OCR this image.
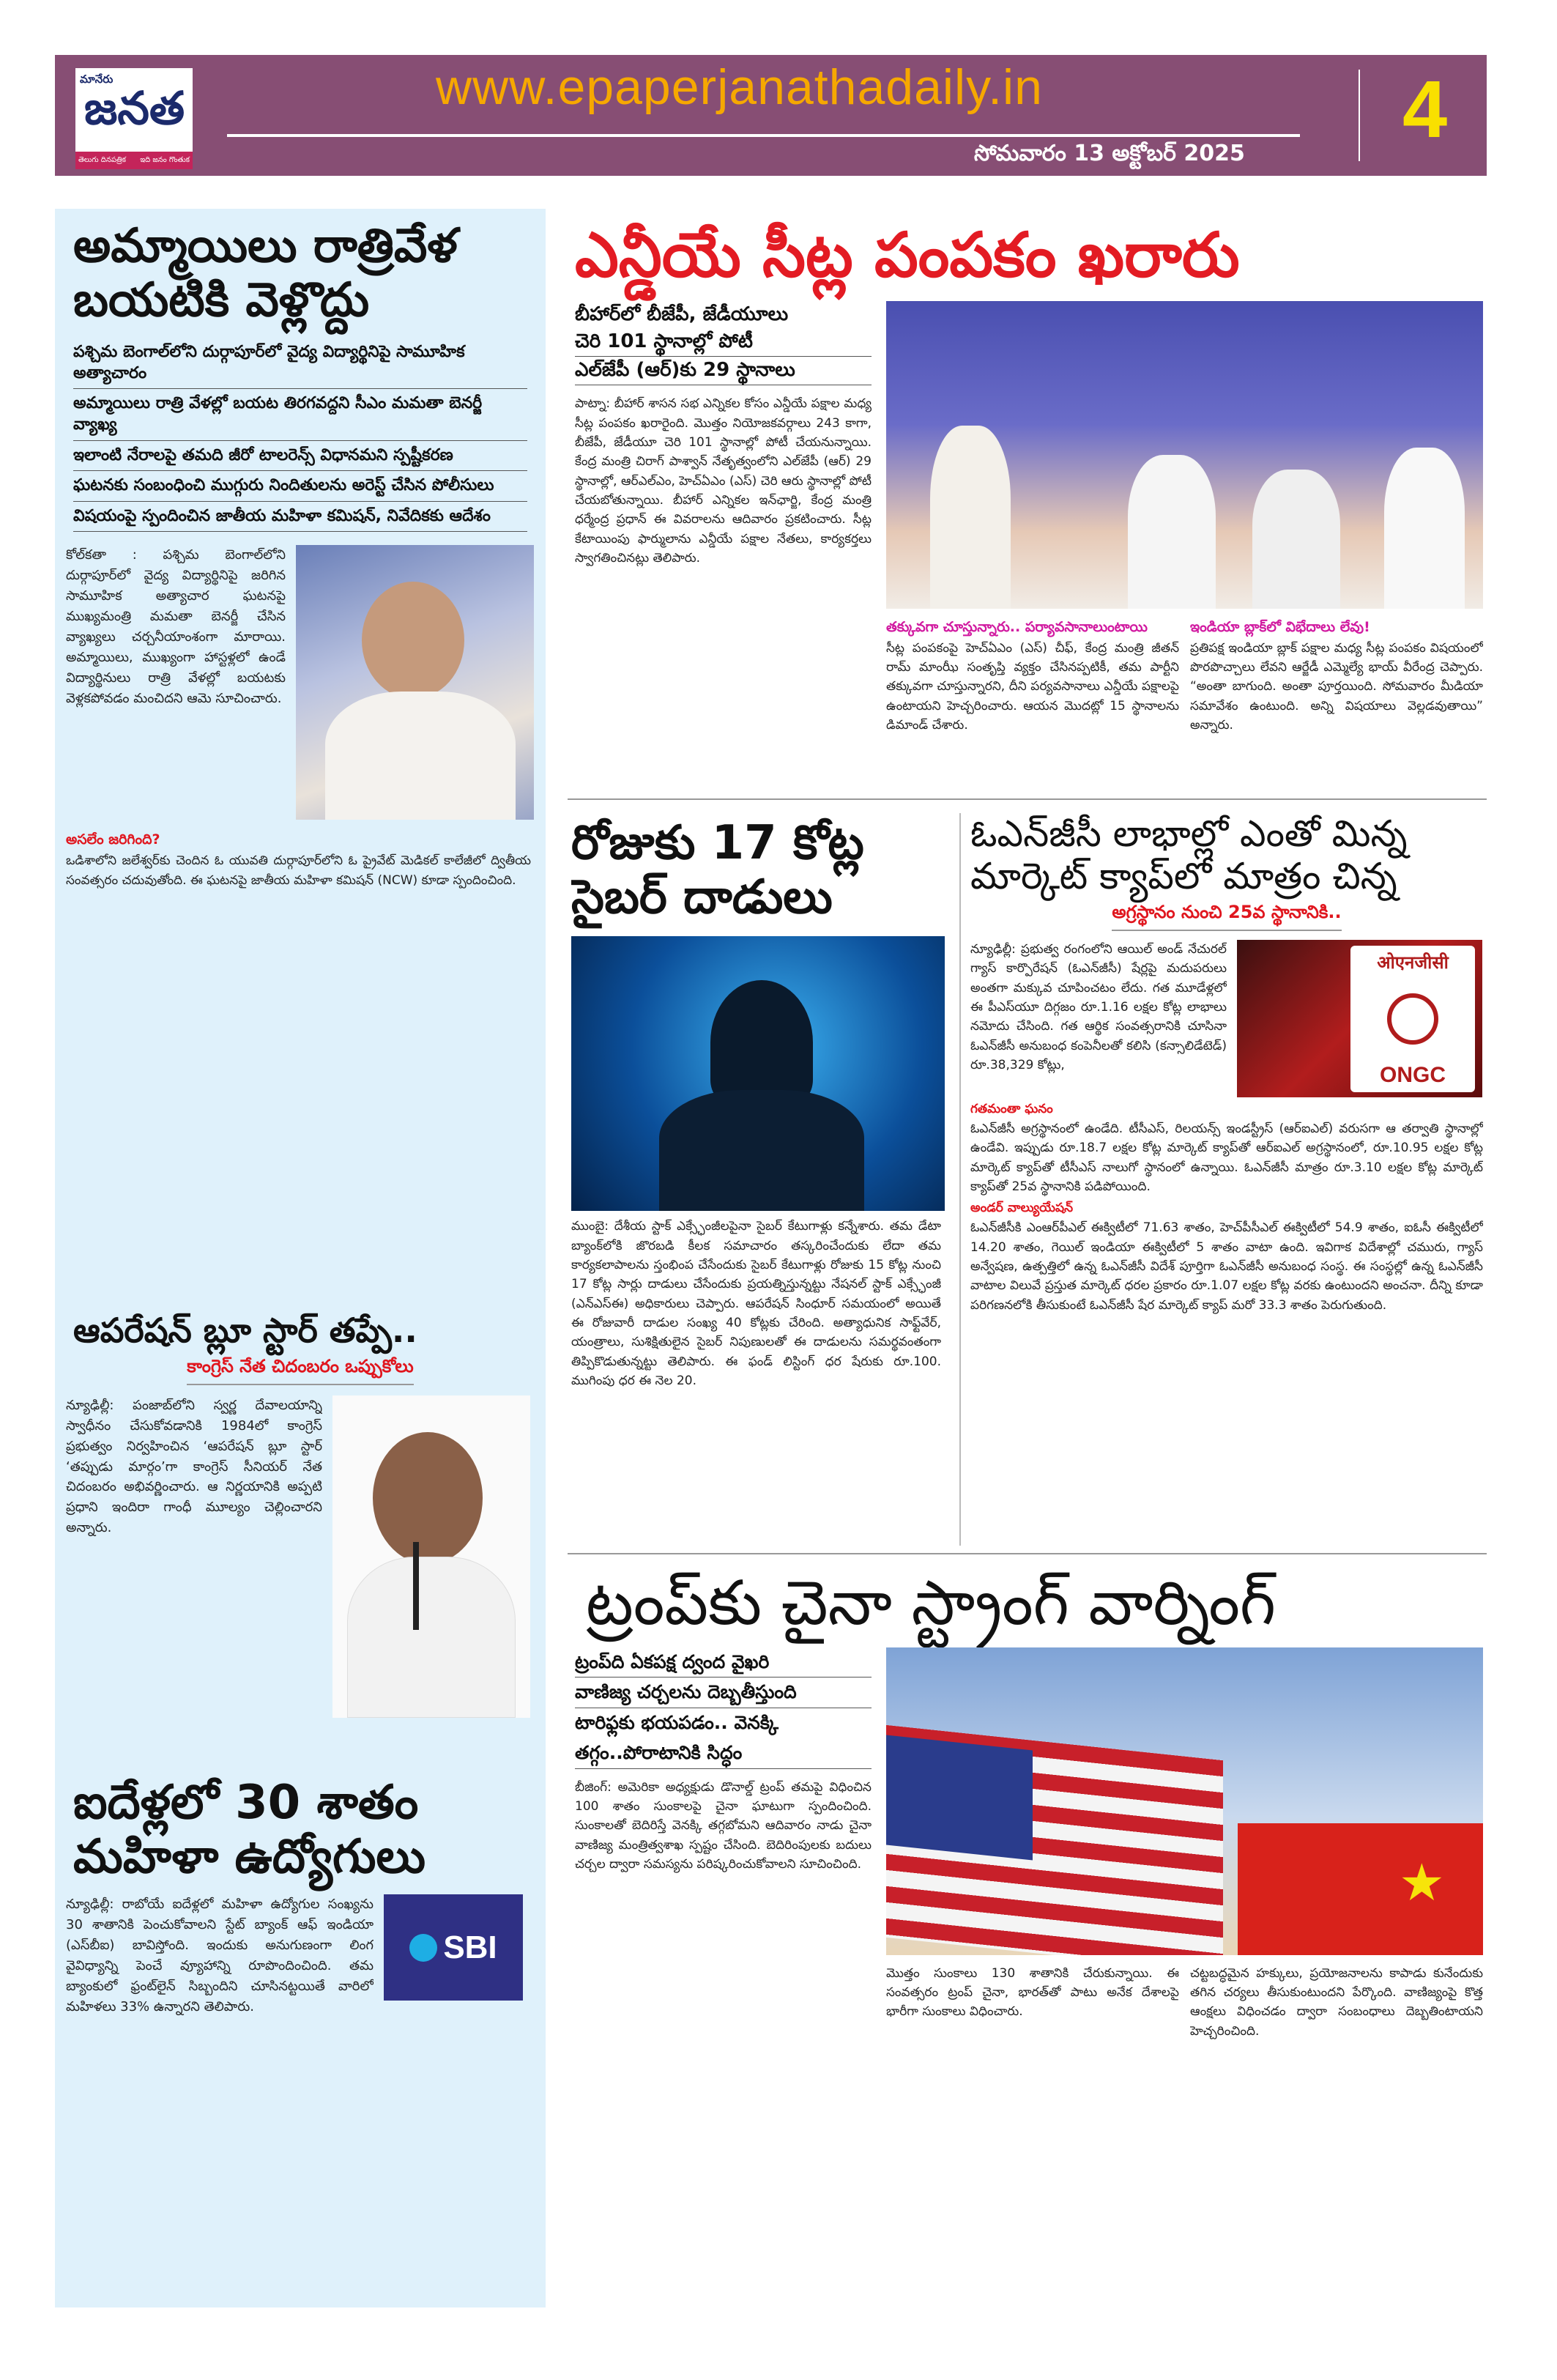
మానేరు
జనత
తెలుగు దినపత్రిక ఇది జనం గొంతుక
www.epaperjanathadaily.in
సోమవారం 13 అక్టోబర్ 2025 4
అమ్మాయిలు రాత్రివేళ బయటికి వెళ్లొద్దు
పశ్చిమ బెంగాల్‌లోని దుర్గాపూర్‌లో వైద్య విద్యార్థినిపై సామూహిక అత్యాచారం
అమ్మాయిలు రాత్రి వేళల్లో బయట తిరగవద్దని సీఎం మమతా బెనర్జీ వ్యాఖ్య
ఇలాంటి నేరాలపై తమది జీరో టాలరెన్స్ విధానమని స్పష్టీకరణ
ఘటనకు సంబంధించి ముగ్గురు నిందితులను అరెస్ట్ చేసిన పోలీసులు
విషయంపై స్పందించిన జాతీయ మహిళా కమిషన్, నివేదికకు ఆదేశం
కోల్‌కతా : పశ్చిమ బెంగాల్‌లోని దుర్గాపూర్‌లో వైద్య విద్యార్థినిపై జరిగిన సామూహిక అత్యాచార ఘటనపై ముఖ్యమంత్రి మమతా బెనర్జీ చేసిన వ్యాఖ్యలు చర్చనీయాంశంగా మారాయి. అమ్మాయిలు, ముఖ్యంగా హాస్టళ్లలో ఉండే విద్యార్థినులు రాత్రి వేళల్లో బయటకు వెళ్లకపోవడం మంచిదని ఆమె సూచించారు.
అసలేం జరిగింది?
ఒడిశాలోని జలేశ్వర్‌కు చెందిన ఓ యువతి దుర్గాపూర్‌లోని ఓ ప్రైవేట్ మెడికల్ కాలేజీలో ద్వితీయ సంవత్సరం చదువుతోంది. ఈ ఘటనపై జాతీయ మహిళా కమిషన్ (NCW) కూడా స్పందించింది.
ఆపరేషన్ బ్లూ స్టార్ తప్పే..
కాంగ్రెస్ నేత చిదంబరం ఒప్పుకోలు
న్యూఢిల్లీ: పంజాబ్‌లోని స్వర్ణ దేవాలయాన్ని స్వాధీనం చేసుకోవడానికి 1984లో కాంగ్రెస్ ప్రభుత్వం నిర్వహించిన ‘ఆపరేషన్ బ్లూ స్టార్ ‘తప్పుడు మార్గం’గా కాంగ్రెస్ సీనియర్ నేత చిదంబరం అభివర్ణించారు. ఆ నిర్ణయానికి అప్పటి ప్రధాని ఇందిరా గాంధీ మూల్యం చెల్లించారని అన్నారు.
ఐదేళ్లలో 30 శాతం మహిళా ఉద్యోగులు
న్యూఢిల్లీ: రాబోయే ఐదేళ్లలో మహిళా ఉద్యోగుల సంఖ్యను 30 శాతానికి పెంచుకోవాలని స్టేట్ బ్యాంక్ ఆఫ్ ఇండియా (ఎస్‌బీఐ) బావిస్తోంది. ఇందుకు అనుగుణంగా లింగ వైవిధ్యాన్ని పెంచే వ్యూహాన్ని రూపొందించింది. తమ బ్యాంకులో ఫ్రంట్‌లైన్ సిబ్బందిని చూసినట్టయితే వారిలో మహిళలు 33% ఉన్నారని తెలిపారు.
SBI
ఎన్డీయే సీట్ల పంపకం ఖరారు
బీహార్‌లో బీజేపీ, జేడీయూలు
చెరి 101 స్థానాల్లో పోటీ
ఎల్‌జేపీ (ఆర్)కు 29 స్థానాలు
పాట్నా: బీహార్ శాసన సభ ఎన్నికల కోసం ఎన్డీయే పక్షాల మధ్య సీట్ల పంపకం ఖరారైంది. మొత్తం నియోజకవర్గాలు 243 కాగా, బీజేపీ, జేడీయూ చెరి 101 స్థానాల్లో పోటీ చేయనున్నాయి. కేంద్ర మంత్రి చిరాగ్ పాశ్వాన్ నేతృత్వంలోని ఎల్‌జేపీ (ఆర్) 29 స్థానాల్లో, ఆర్‌ఎల్‌ఎం, హెచ్‌ఏఎం (ఎస్) చెరి ఆరు స్థానాల్లో పోటీ చేయబోతున్నాయి. బీహార్ ఎన్నికల ఇన్‌ఛార్జి, కేంద్ర మంత్రి ధర్మేంద్ర ప్రధాన్ ఈ వివరాలను ఆదివారం ప్రకటించారు. సీట్ల కేటాయింపు ఫార్ములాను ఎన్డీయే పక్షాల నేతలు, కార్యకర్తలు స్వాగతించినట్లు తెలిపారు.
తక్కువగా చూస్తున్నారు.. పర్యావసానాలుంటాయి
సీట్ల పంపకంపై హెచ్‌ఏఎం (ఎస్) చీఫ్, కేంద్ర మంత్రి జీతన్ రామ్ మాంఝీ సంతృప్తి వ్యక్తం చేసినప్పటికీ, తమ పార్టీని తక్కువగా చూస్తున్నారని, దీని పర్యవసానాలు ఎన్డీయే పక్షాలపై ఉంటాయని హెచ్చరించారు. ఆయన మొదట్లో 15 స్థానాలను డిమాండ్ చేశారు.
ఇండియా బ్లాక్‌లో విభేదాలు లేవు!
ప్రతిపక్ష ఇండియా బ్లాక్ పక్షాల మధ్య సీట్ల పంపకం విషయంలో పొరపొచ్చాలు లేవని ఆర్జేడీ ఎమ్మెల్యే భాయ్ వీరేంద్ర చెప్పారు. “అంతా బాగుంది. అంతా పూర్తయింది. సోమవారం మీడియా సమావేశం ఉంటుంది. అన్ని విషయాలు వెల్లడవుతాయి” అన్నారు.
రోజుకు 17 కోట్ల సైబర్ దాడులు
ముంబై: దేశీయ స్టాక్ ఎక్స్ఛేంజీలపైనా సైబర్ కేటుగాళ్లు కన్నేశారు. తమ డేటా బ్యాంక్‌లోకి జొరబడి కీలక సమాచారం తస్కరించేందుకు లేదా తమ కార్యకలాపాలను స్తంభింప చేసేందుకు సైబర్ కేటుగాళ్లు రోజుకు 15 కోట్ల నుంచి 17 కోట్ల సార్లు దాడులు చేసేందుకు ప్రయత్నిస్తున్నట్టు నేషనల్ స్టాక్ ఎక్స్ఛేంజీ (ఎన్ఎస్ఈ) అధికారులు చెప్పారు. ఆపరేషన్ సింధూర్ సమయంలో అయితే ఈ రోజువారీ దాడుల సంఖ్య 40 కోట్లకు చేరింది. అత్యాధునిక సాఫ్ట్‌వేర్, యంత్రాలు, సుశిక్షితులైన సైబర్ నిపుణులతో ఈ దాడులను సమర్థవంతంగా తిప్పికొడుతున్నట్టు తెలిపారు. ఈ ఫండ్ లిస్టింగ్ ధర షేరుకు రూ.100. ముగింపు ధర ఈ నెల 20.
ఓఎన్‌జీసీ లాభాల్లో ఎంతో మిన్న మార్కెట్ క్యాప్‌లో మాత్రం చిన్న
అగ్రస్థానం నుంచి 25వ స్థానానికి..
న్యూఢిల్లీ: ప్రభుత్వ రంగంలోని ఆయిల్ అండ్ నేచురల్ గ్యాస్ కార్పొరేషన్ (ఓఎన్‌జీసీ) షేర్లపై మదుపరులు అంతగా మక్కువ చూపించటం లేదు. గత మూడేళ్లలో ఈ పీఎస్‌యూ దిగ్గజం రూ.1.16 లక్షల కోట్ల లాభాలు నమోదు చేసింది. గత ఆర్థిక సంవత్సరానికి చూసినా ఓఎన్‌జీసీ అనుబంధ కంపెనీలతో కలిసి (కన్సాలిడేటెడ్) రూ.38,329 కోట్లు,
ओएनजीसी
ONGC
గతమంతా ఘనం
ఓఎన్‌జీసీ అగ్రస్థానంలో ఉండేది. టీసీఎస్, రిలయన్స్ ఇండస్ట్రీస్ (ఆర్ఐఎల్) వరుసగా ఆ తర్వాతి స్థానాల్లో ఉండేవి. ఇప్పుడు రూ.18.7 లక్షల కోట్ల మార్కెట్ క్యాప్‌తో ఆర్ఐఎల్ అగ్రస్థానంలో, రూ.10.95 లక్షల కోట్ల మార్కెట్ క్యాప్‌తో టీసీఎస్ నాలుగో స్థానంలో ఉన్నాయి. ఓఎన్‌జీసీ మాత్రం రూ.3.10 లక్షల కోట్ల మార్కెట్ క్యాప్‌తో 25వ స్థానానికి పడిపోయింది.
అండర్ వాల్యుయేషన్
ఓఎన్‌జీసీకి ఎంఆర్‌పీఎల్ ఈక్విటీలో 71.63 శాతం, హెచ్‌పీసీఎల్ ఈక్విటీలో 54.9 శాతం, ఐఓసీ ఈక్విటీలో 14.20 శాతం, గెయిల్ ఇండియా ఈక్విటీలో 5 శాతం వాటా ఉంది. ఇవిగాక విదేశాల్లో చమురు, గ్యాస్ అన్వేషణ, ఉత్పత్తిలో ఉన్న ఓఎన్‌జీసీ విదేశ్ పూర్తిగా ఓఎన్‌జీసీ అనుబంధ సంస్థ. ఈ సంస్థల్లో ఉన్న ఓఎన్‌జీసీ వాటాల విలువే ప్రస్తుత మార్కెట్ ధరల ప్రకారం రూ.1.07 లక్షల కోట్ల వరకు ఉంటుందని అంచనా. దీన్ని కూడా పరిగణనలోకి తీసుకుంటే ఓఎన్‌జీసీ షేర మార్కెట్ క్యాప్ మరో 33.3 శాతం పెరుగుతుంది.
ట్రంప్‌కు చైనా స్ట్రాంగ్ వార్నింగ్
ట్రంప్‌ది ఏకపక్ష ద్వంద వైఖరి
వాణిజ్య చర్చలను దెబ్బతీస్తుంది
టారిఫ్లకు భయపడం.. వెనక్కి
తగ్గం..పోరాటానికి సిద్ధం
బీజింగ్: అమెరికా అధ్యక్షుడు డొనాల్డ్ ట్రంప్ తమపై విధించిన 100 శాతం సుంకాలపై చైనా ఘాటుగా స్పందించింది. సుంకాలతో బెదిరిస్తే వెనక్కి తగ్గబోమని ఆదివారం నాడు చైనా వాణిజ్య మంత్రిత్వశాఖ స్పష్టం చేసింది. బెదిరింపులకు బదులు చర్చల ద్వారా సమస్యను పరిష్కరించుకోవాలని సూచించింది.	★
మొత్తం సుంకాలు 130 శాతానికి చేరుకున్నాయి. ఈ సంవత్సరం ట్రంప్ చైనా, భారత్‌తో పాటు అనేక దేశాలపై భారీగా సుంకాలు విధించారు.
చట్టబద్ధమైన హక్కులు, ప్రయోజనాలను కాపాడు కునేందుకు తగిన చర్యలు తీసుకుంటుందని పేర్కొంది. వాణిజ్యంపై కొత్త ఆంక్షలు విధించడం ద్వారా సంబంధాలు దెబ్బతింటాయని హెచ్చరించింది.
